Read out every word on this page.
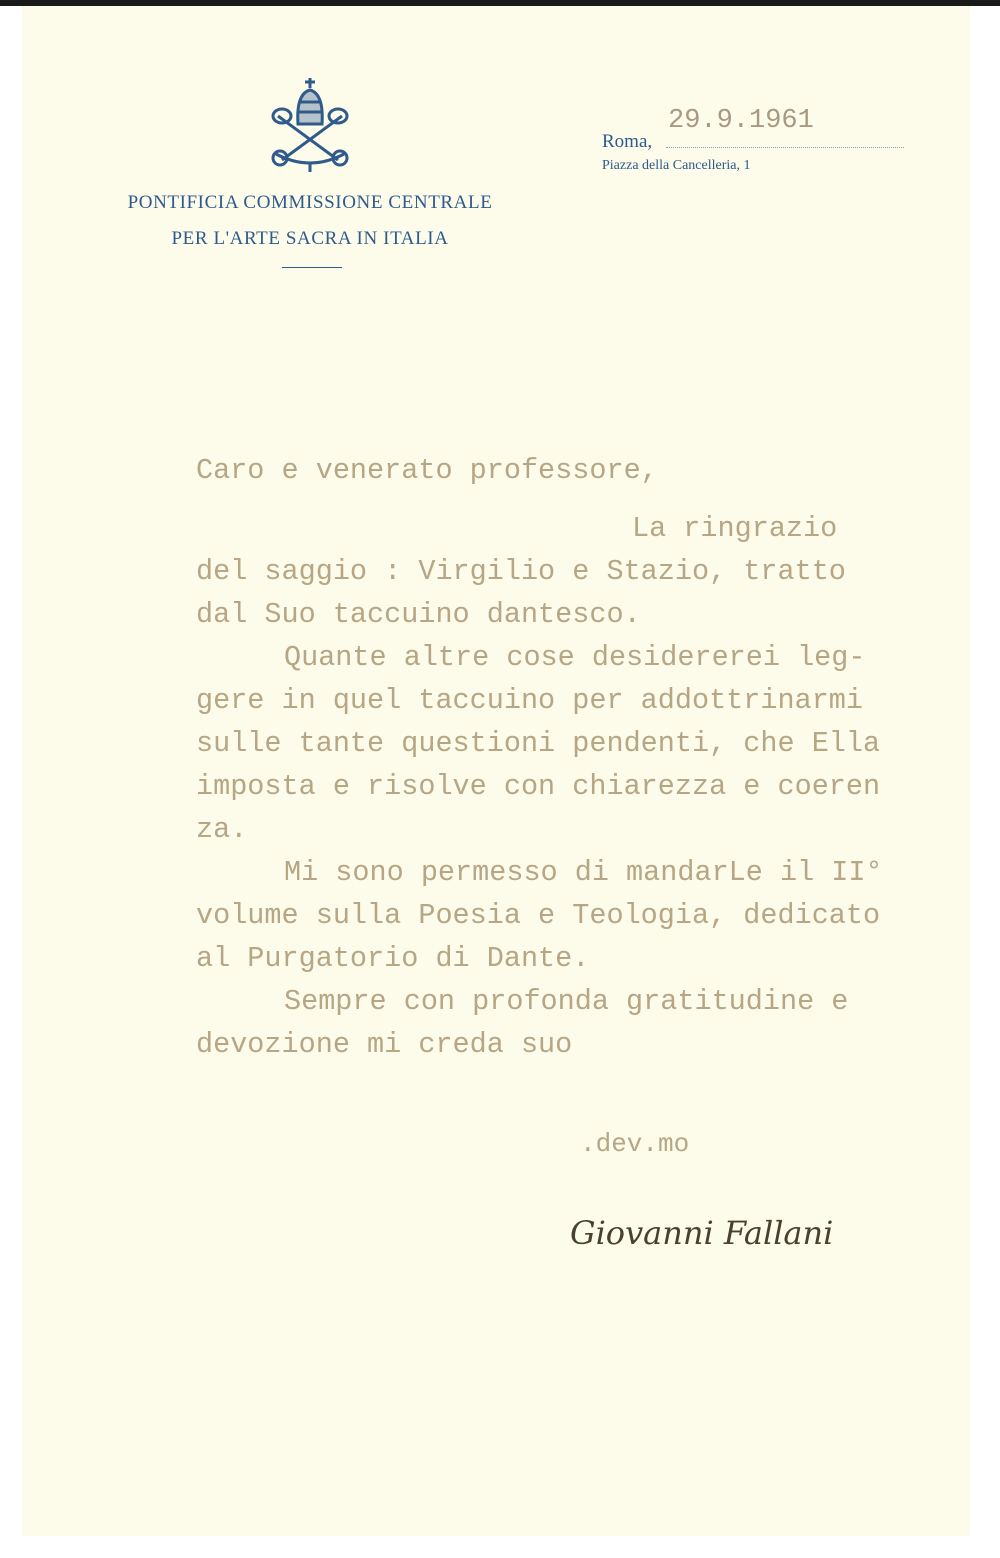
PONTIFICIA COMMISSIONE CENTRALE
PER L'ARTE SACRA IN ITALIA
Roma,
29.9.1961
Piazza della Cancelleria, 1
Caro e venerato professore,
La ringrazio
del saggio : Virgilio e Stazio, tratto
dal Suo taccuino dantesco.
Quante altre cose desidererei leg-
gere in quel taccuino per addottrinarmi
sulle tante questioni pendenti, che Ella
imposta e risolve con chiarezza e coeren
za.
Mi sono permesso di mandarLe il II°
volume sulla Poesia e Teologia, dedicato
al Purgatorio di Dante.
Sempre con profonda gratitudine e
devozione mi creda suo
.dev.mo
Giovanni Fallani
